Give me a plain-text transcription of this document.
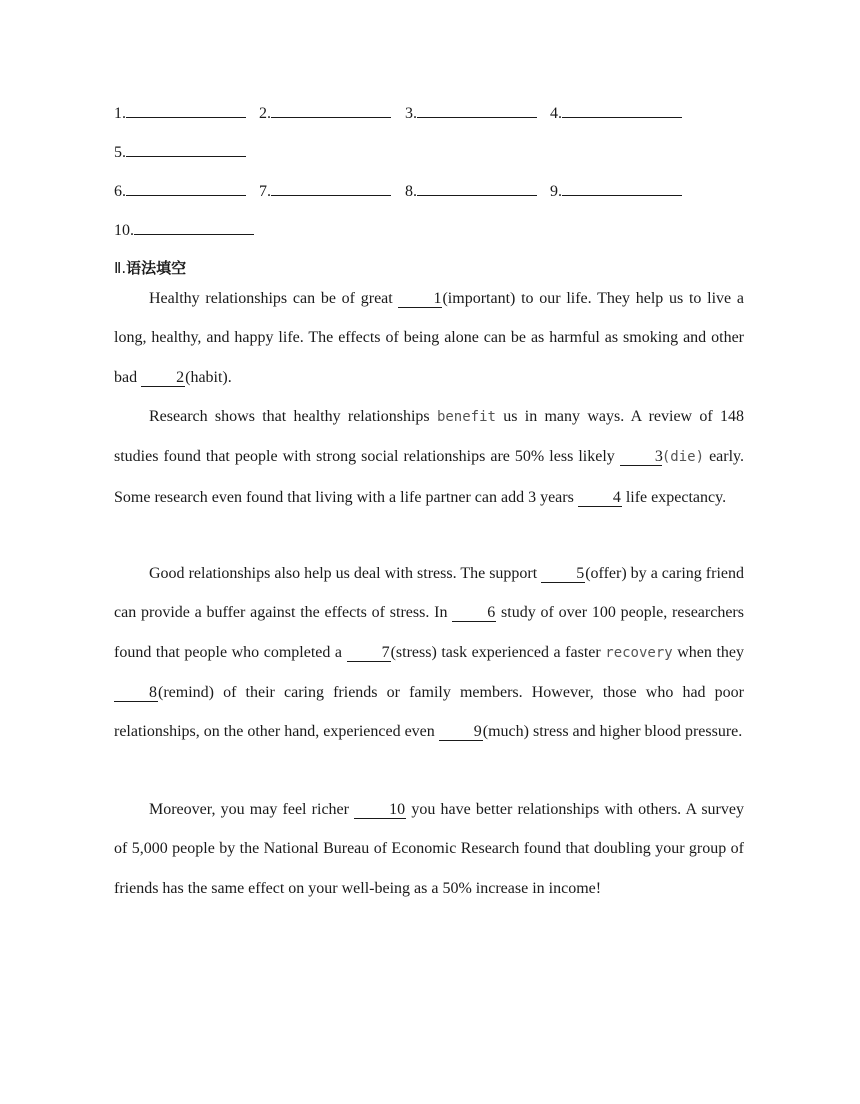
1.	2.	3.	4.
5.
6.	7.	8.	9.
10.
Ⅱ.语法填空

Healthy relationships can be of great 1(important) to our life. They help us to live a long, healthy, and happy life. The effects of being alone can be as harmful as smoking and other bad 2(habit).

Research shows that healthy relationships benefit us in many ways. A review of 148 studies found that people with strong social relationships are 50% less likely 3(die) early. Some research even found that living with a life partner can add 3 years 4 life expectancy.

Good relationships also help us deal with stress. The support 5(offer) by a caring friend can provide a buffer against the effects of stress. In 6 study of over 100 people, researchers found that people who completed a 7(stress) task experienced a faster recovery when they 8(remind) of their caring friends or family members. However, those who had poor relationships, on the other hand, experienced even 9(much) stress and higher blood pressure.

Moreover, you may feel richer 10 you have better relationships with others. A survey of 5,000 people by the National Bureau of Economic Research found that doubling your group of friends has the same effect on your well-being as a 50% increase in income!
